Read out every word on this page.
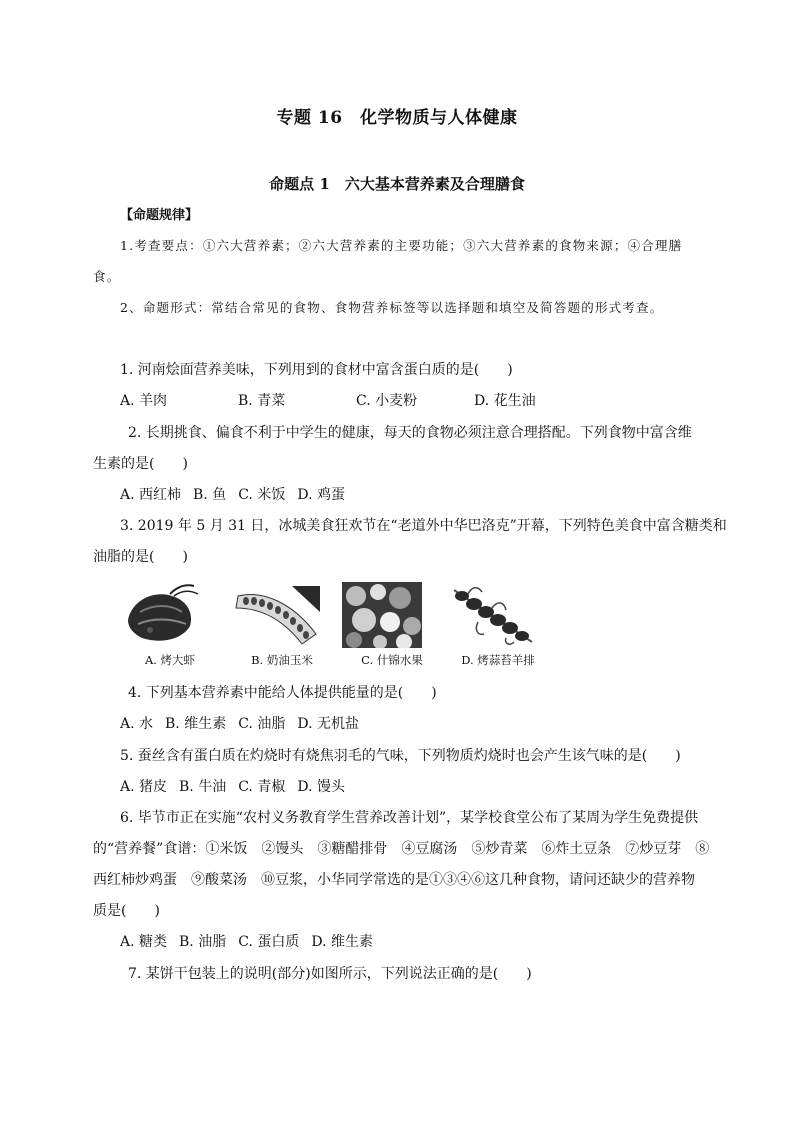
专题 16　化学物质与人体健康
命题点 1　六大基本营养素及合理膳食
【命题规律】
1.考查要点：①六大营养素；②六大营养素的主要功能；③六大营养素的食物来源；④合理膳
食。
2、命题形式：常结合常见的食物、食物营养标签等以选择题和填空及简答题的形式考查。
1. 河南烩面营养美味，下列用到的食材中富含蛋白质的是(　　)
A. 羊肉	B. 青菜	C. 小麦粉	D. 花生油
2. 长期挑食、偏食不利于中学生的健康，每天的食物必须注意合理搭配。下列食物中富含维
生素的是(　　)
A. 西红柿 B. 鱼 C. 米饭 D. 鸡蛋
3. 2019 年 5 月 31 日，冰城美食狂欢节在“老道外中华巴洛克”开幕，下列特色美食中富含糖类和
油脂的是(　　)
A. 烤大虾	B. 奶油玉米	C. 什锦水果	D. 烤蒜苔羊排
4. 下列基本营养素中能给人体提供能量的是(　　)
A. 水 B. 维生素 C. 油脂 D. 无机盐
5. 蚕丝含有蛋白质在灼烧时有烧焦羽毛的气味，下列物质灼烧时也会产生该气味的是(　　)
A. 猪皮 B. 牛油 C. 青椒 D. 馒头
6. 毕节市正在实施“农村义务教育学生营养改善计划”，某学校食堂公布了某周为学生免费提供
的“营养餐”食谱：①米饭　②馒头　③糖醋排骨　④豆腐汤　⑤炒青菜　⑥炸土豆条　⑦炒豆芽　⑧
西红柿炒鸡蛋　⑨酸菜汤　⑩豆浆，小华同学常选的是①③④⑥这几种食物，请问还缺少的营养物
质是(　　)
A. 糖类 B. 油脂 C. 蛋白质 D. 维生素
7. 某饼干包装上的说明(部分)如图所示，下列说法正确的是(　　)
